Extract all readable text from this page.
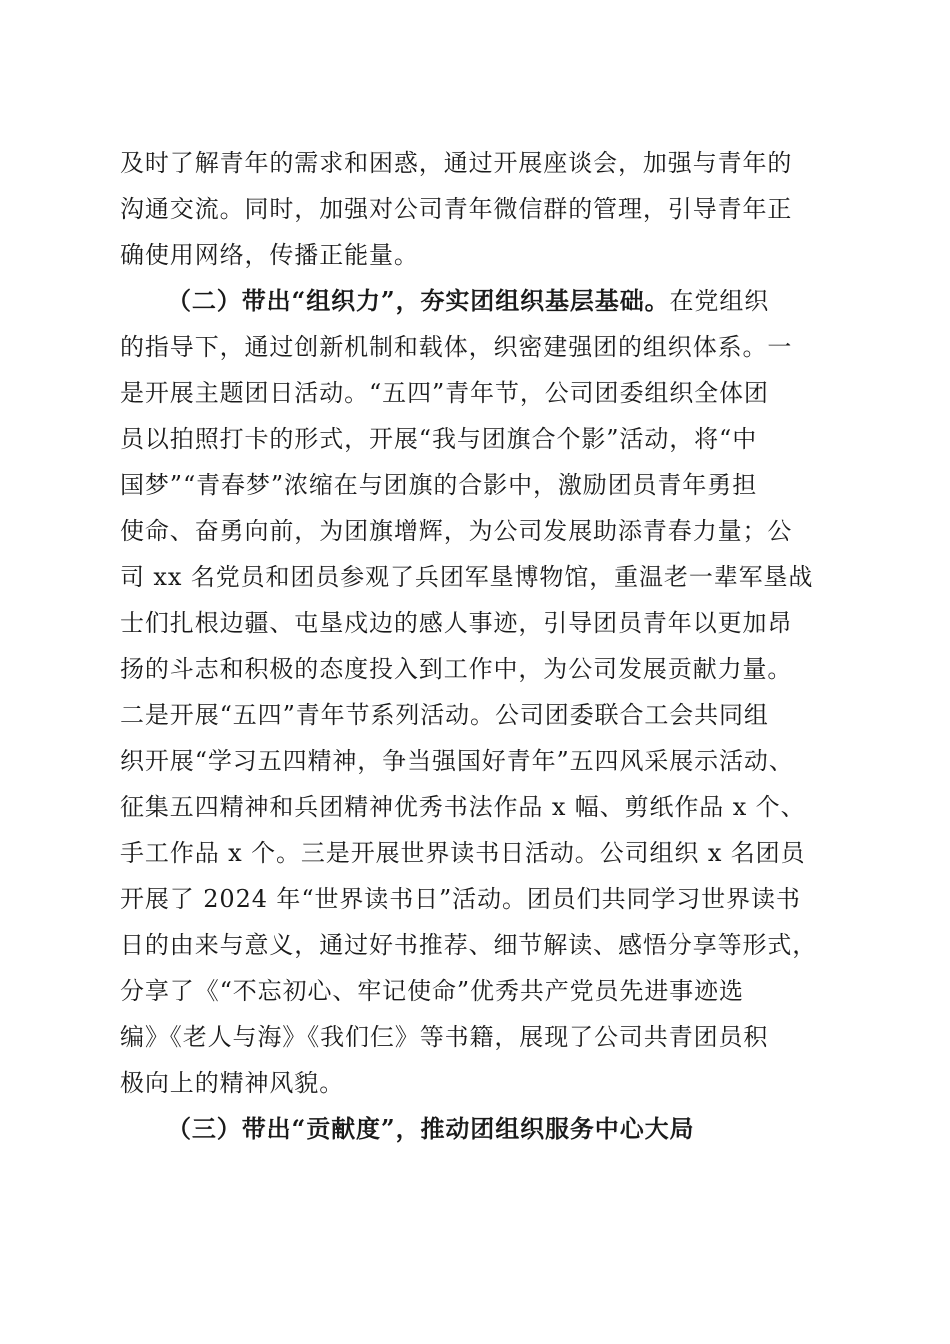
及时了解青年的需求和困惑，通过开展座谈会，加强与青年的
沟通交流。同时，加强对公司青年微信群的管理，引导青年正
确使用网络，传播正能量。
（二）带出“组织力”，夯实团组织基层基础。在党组织
的指导下，通过创新机制和载体，织密建强团的组织体系。一
是开展主题团日活动。“五四”青年节，公司团委组织全体团
员以拍照打卡的形式，开展“我与团旗合个影”活动，将“中
国梦”“青春梦”浓缩在与团旗的合影中，激励团员青年勇担
使命、奋勇向前，为团旗增辉，为公司发展助添青春力量；公
司 xx 名党员和团员参观了兵团军垦博物馆，重温老一辈军垦战
士们扎根边疆、屯垦戍边的感人事迹，引导团员青年以更加昂
扬的斗志和积极的态度投入到工作中，为公司发展贡献力量。
二是开展“五四”青年节系列活动。公司团委联合工会共同组
织开展“学习五四精神，争当强国好青年”五四风采展示活动、
征集五四精神和兵团精神优秀书法作品 x 幅、剪纸作品 x 个、
手工作品 x 个。三是开展世界读书日活动。公司组织 x 名团员
开展了 2024 年“世界读书日”活动。团员们共同学习世界读书
日的由来与意义，通过好书推荐、细节解读、感悟分享等形式，
分享了《“不忘初心、牢记使命”优秀共产党员先进事迹选
编》《老人与海》《我们仨》等书籍，展现了公司共青团员积
极向上的精神风貌。
（三）带出“贡献度”，推动团组织服务中心大局
